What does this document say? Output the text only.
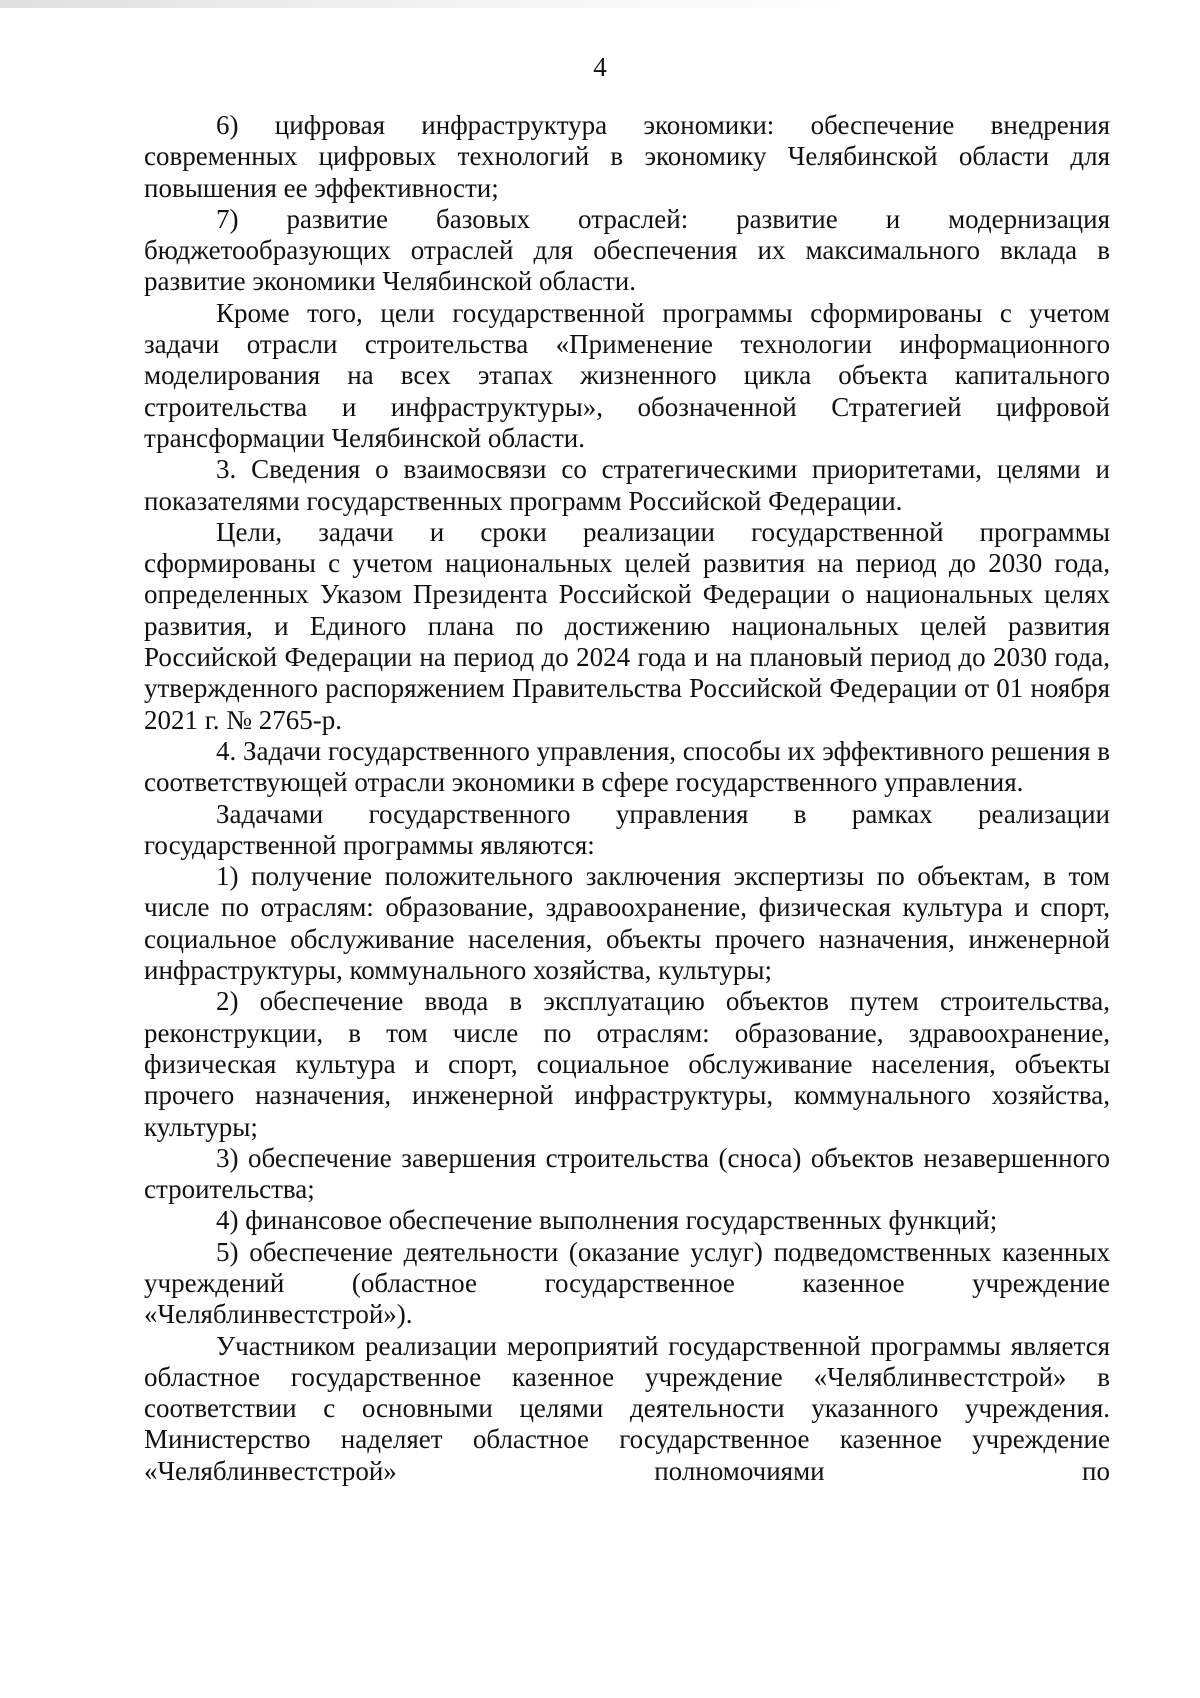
4

6) цифровая инфраструктура экономики: обеспечение внедрения современных цифровых технологий в экономику Челябинской области для повышения ее эффективности;

7) развитие базовых отраслей: развитие и модернизация бюджетообразующих отраслей для обеспечения их максимального вклада в развитие экономики Челябинской области.

Кроме того, цели государственной программы сформированы с учетом задачи отрасли строительства «Применение технологии информационного моделирования на всех этапах жизненного цикла объекта капитального строительства и инфраструктуры», обозначенной Стратегией цифровой трансформации Челябинской области.

3. Сведения о взаимосвязи со стратегическими приоритетами, целями и показателями государственных программ Российской Федерации.

Цели, задачи и сроки реализации государственной программы сформированы с учетом национальных целей развития на период до 2030 года, определенных Указом Президента Российской Федерации о национальных целях развития, и Единого плана по достижению национальных целей развития Российской Федерации на период до 2024 года и на плановый период до 2030 года, утвержденного распоряжением Правительства Российской Федерации от 01 ноября 2021 г. № 2765-р.

4. Задачи государственного управления, способы их эффективного решения в соответствующей отрасли экономики в сфере государственного управления.

Задачами государственного управления в рамках реализации государственной программы являются:

1) получение положительного заключения экспертизы по объектам, в том числе по отраслям: образование, здравоохранение, физическая культура и спорт, социальное обслуживание населения, объекты прочего назначения, инженерной инфраструктуры, коммунального хозяйства, культуры;

2) обеспечение ввода в эксплуатацию объектов путем строительства, реконструкции, в том числе по отраслям: образование, здравоохранение, физическая культура и спорт, социальное обслуживание населения, объекты прочего назначения, инженерной инфраструктуры, коммунального хозяйства, культуры;

3) обеспечение завершения строительства (сноса) объектов незавершенного строительства;

4) финансовое обеспечение выполнения государственных функций;

5) обеспечение деятельности (оказание услуг) подведомственных казенных учреждений (областное государственное казенное учреждение «Челяблинвестстрой»).

Участником реализации мероприятий государственной программы является областное государственное казенное учреждение «Челяблинвестстрой» в соответствии с основными целями деятельности указанного учреждения. Министерство наделяет областное государственное казенное учреждение «Челяблинвестстрой» полномочиями по
